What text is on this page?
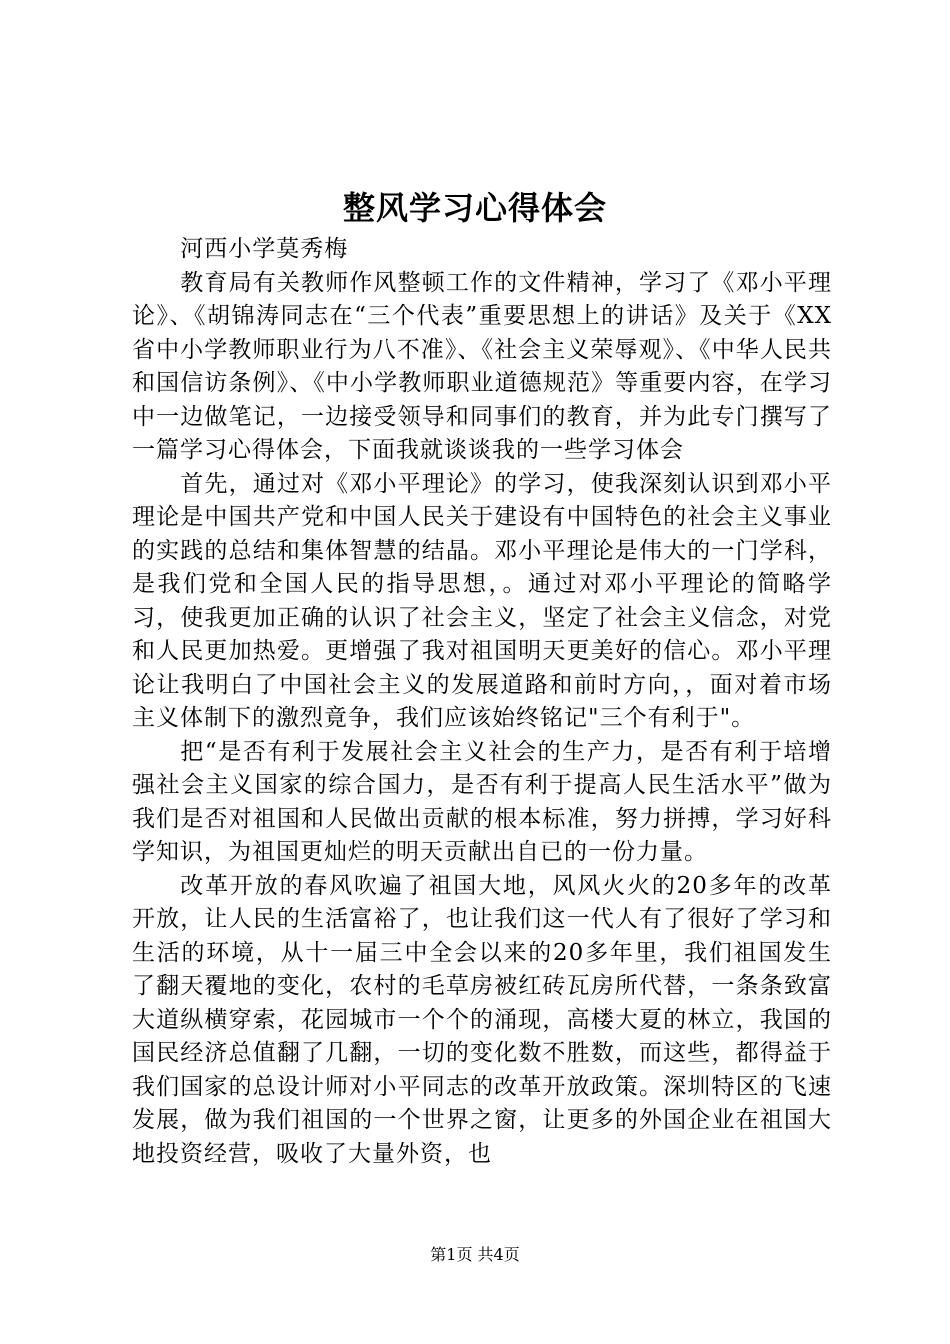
整风学习心得体会

河西小学莫秀梅

教育局有关教师作风整顿工作的文件精神，学习了《邓小平理论》、《胡锦涛同志在“三个代表”重要思想上的讲话》及关于《XX省中小学教师职业行为八不准》、《社会主义荣辱观》、《中华人民共和国信访条例》、《中小学教师职业道德规范》等重要内容，在学习中一边做笔记，一边接受领导和同事们的教育，并为此专门撰写了一篇学习心得体会，下面我就谈谈我的一些学习体会

首先，通过对《邓小平理论》的学习，使我深刻认识到邓小平理论是中国共产党和中国人民关于建设有中国特色的社会主义事业的实践的总结和集体智慧的结晶。邓小平理论是伟大的一门学科，是我们党和全国人民的指导思想，。通过对邓小平理论的简略学习，使我更加正确的认识了社会主义，坚定了社会主义信念，对党和人民更加热爱。更增强了我对祖国明天更美好的信心。邓小平理论让我明白了中国社会主义的发展道路和前时方向，，面对着市场主义体制下的激烈竟争，我们应该始终铭记"三个有利于"。

把“是否有利于发展社会主义社会的生产力，是否有利于培增强社会主义国家的综合国力，是否有利于提高人民生活水平”做为我们是否对祖国和人民做出贡献的根本标准，努力拼搏，学习好科学知识，为祖国更灿烂的明天贡献出自已的一份力量。

改革开放的春风吹遍了祖国大地，风风火火的20多年的改革开放，让人民的生活富裕了，也让我们这一代人有了很好了学习和生活的环境，从十一届三中全会以来的20多年里，我们祖国发生了翻天覆地的变化，农村的毛草房被红砖瓦房所代替，一条条致富大道纵横穿索，花园城市一个个的涌现，高楼大夏的林立，我国的国民经济总值翻了几翻，一切的变化数不胜数，而这些，都得益于我们国家的总设计师对小平同志的改革开放政策。深圳特区的飞速发展，做为我们祖国的一个世界之窗，让更多的外国企业在祖国大地投资经营，吸收了大量外资，也

第1页 共4页
